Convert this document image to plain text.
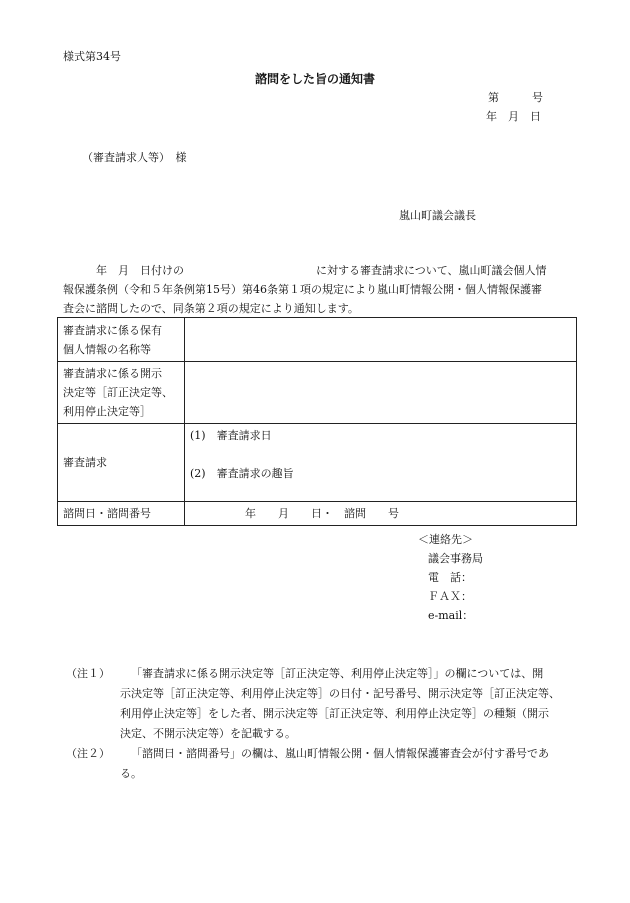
様式第34号
諮問をした旨の通知書
第　　　号
年　月　日
（審査請求人等）　様
嵐山町議会議長
　　　年　月　日付けの　　　　　　　　　　　　に対する審査請求について、嵐山町議会個人情
報保護条例（令和５年条例第15号）第46条第１項の規定により嵐山町情報公開・個人情報保護審
査会に諮問したので、同条第２項の規定により通知します。
審査請求に係る保有
個人情報の名称等	

審査請求に係る開示
決定等［訂正決定等、
利用停止決定等］	

審査請求	(1)　審査請求日
(2)　審査請求の趣旨

諮問日・諮問番号	年　　月　　日・　諮問　　号
＜連絡先＞
議会事務局
電　話：
ＦＡＸ：
e-mail：
（注１）	「審査請求に係る開示決定等［訂正決定等、利用停止決定等］」の欄については、開
示決定等［訂正決定等、利用停止決定等］の日付・記号番号、開示決定等［訂正決定等、
利用停止決定等］をした者、開示決定等［訂正決定等、利用停止決定等］の種類（開示
決定、不開示決定等）を記載する。
（注２）	「諮問日・諮問番号」の欄は、嵐山町情報公開・個人情報保護審査会が付す番号であ
る。
